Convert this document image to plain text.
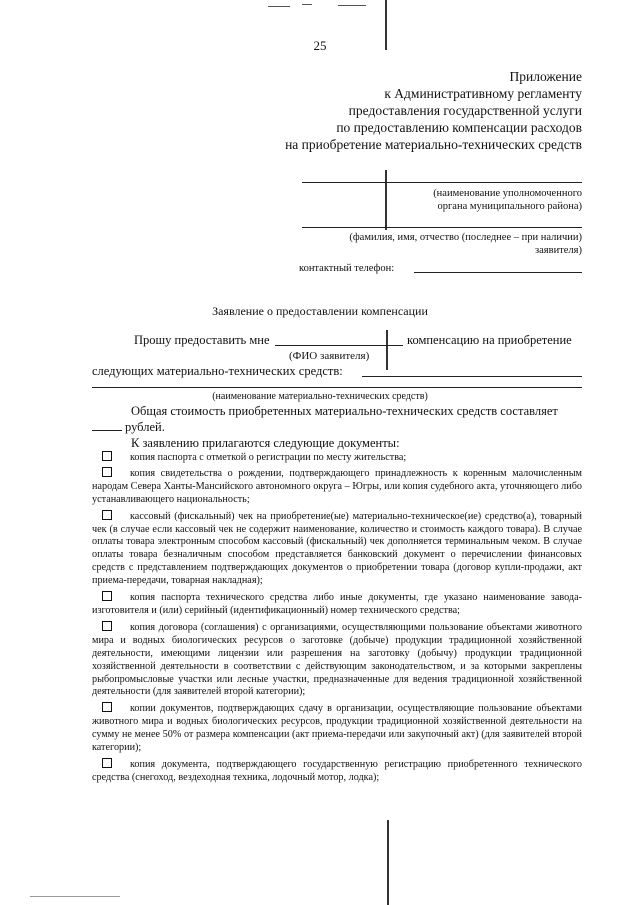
25
Приложение
к Административному регламенту
предоставления государственной услуги
по предоставлению компенсации расходов
на приобретение материально-технических средств
(наименование уполномоченного
органа муниципального района)
(фамилия, имя, отчество (последнее – при наличии)
заявителя)
контактный телефон:
Заявление о предоставлении компенсации
Прошу предоставить мне	компенсацию на приобретение
(ФИО заявителя)
следующих материально-технических средств:
(наименование материально-технических средств)
Общая стоимость приобретенных материально-технических средств составляет
рублей.
К заявлению прилагаются следующие документы:

копия паспорта с отметкой о регистрации по месту жительства;

копия свидетельства о рождении, подтверждающего принадлежность к коренным малочисленным народам Севера Ханты-Мансийского автономного округа – Югры, или копия судебного акта, уточняющего либо устанавливающего национальность;

кассовый (фискальный) чек на приобретение(ые) материально-техническое(ие) средство(а), товарный чек (в случае если кассовый чек не содержит наименование, количество и стоимость каждого товара). В случае оплаты товара электронным способом кассовый (фискальный) чек дополняется терминальным чеком. В случае оплаты товара безналичным способом представляется банковский документ о перечислении финансовых средств с представлением подтверждающих документов о приобретении товара (договор купли-продажи, акт приема-передачи, товарная накладная);

копия паспорта технического средства либо иные документы, где указано наименование завода-изготовителя и (или) серийный (идентификационный) номер технического средства;

копия договора (соглашения) с организациями, осуществляющими пользование объектами животного мира и водных биологических ресурсов о заготовке (добыче) продукции традиционной хозяйственной деятельности, имеющими лицензии или разрешения на заготовку (добычу) продукции традиционной хозяйственной деятельности в соответствии с действующим законодательством, и за которыми закреплены рыбопромысловые участки или лесные участки, предназначенные для ведения традиционной хозяйственной деятельности (для заявителей второй категории);

копии документов, подтверждающих сдачу в организации, осуществляющие пользование объектами животного мира и водных биологических ресурсов, продукции традиционной хозяйственной деятельности на сумму не менее 50% от размера компенсации (акт приема-передачи или закупочный акт) (для заявителей второй категории);

копия документа, подтверждающего государственную регистрацию приобретенного технического средства (снегоход, вездеходная техника, лодочный мотор, лодка);
